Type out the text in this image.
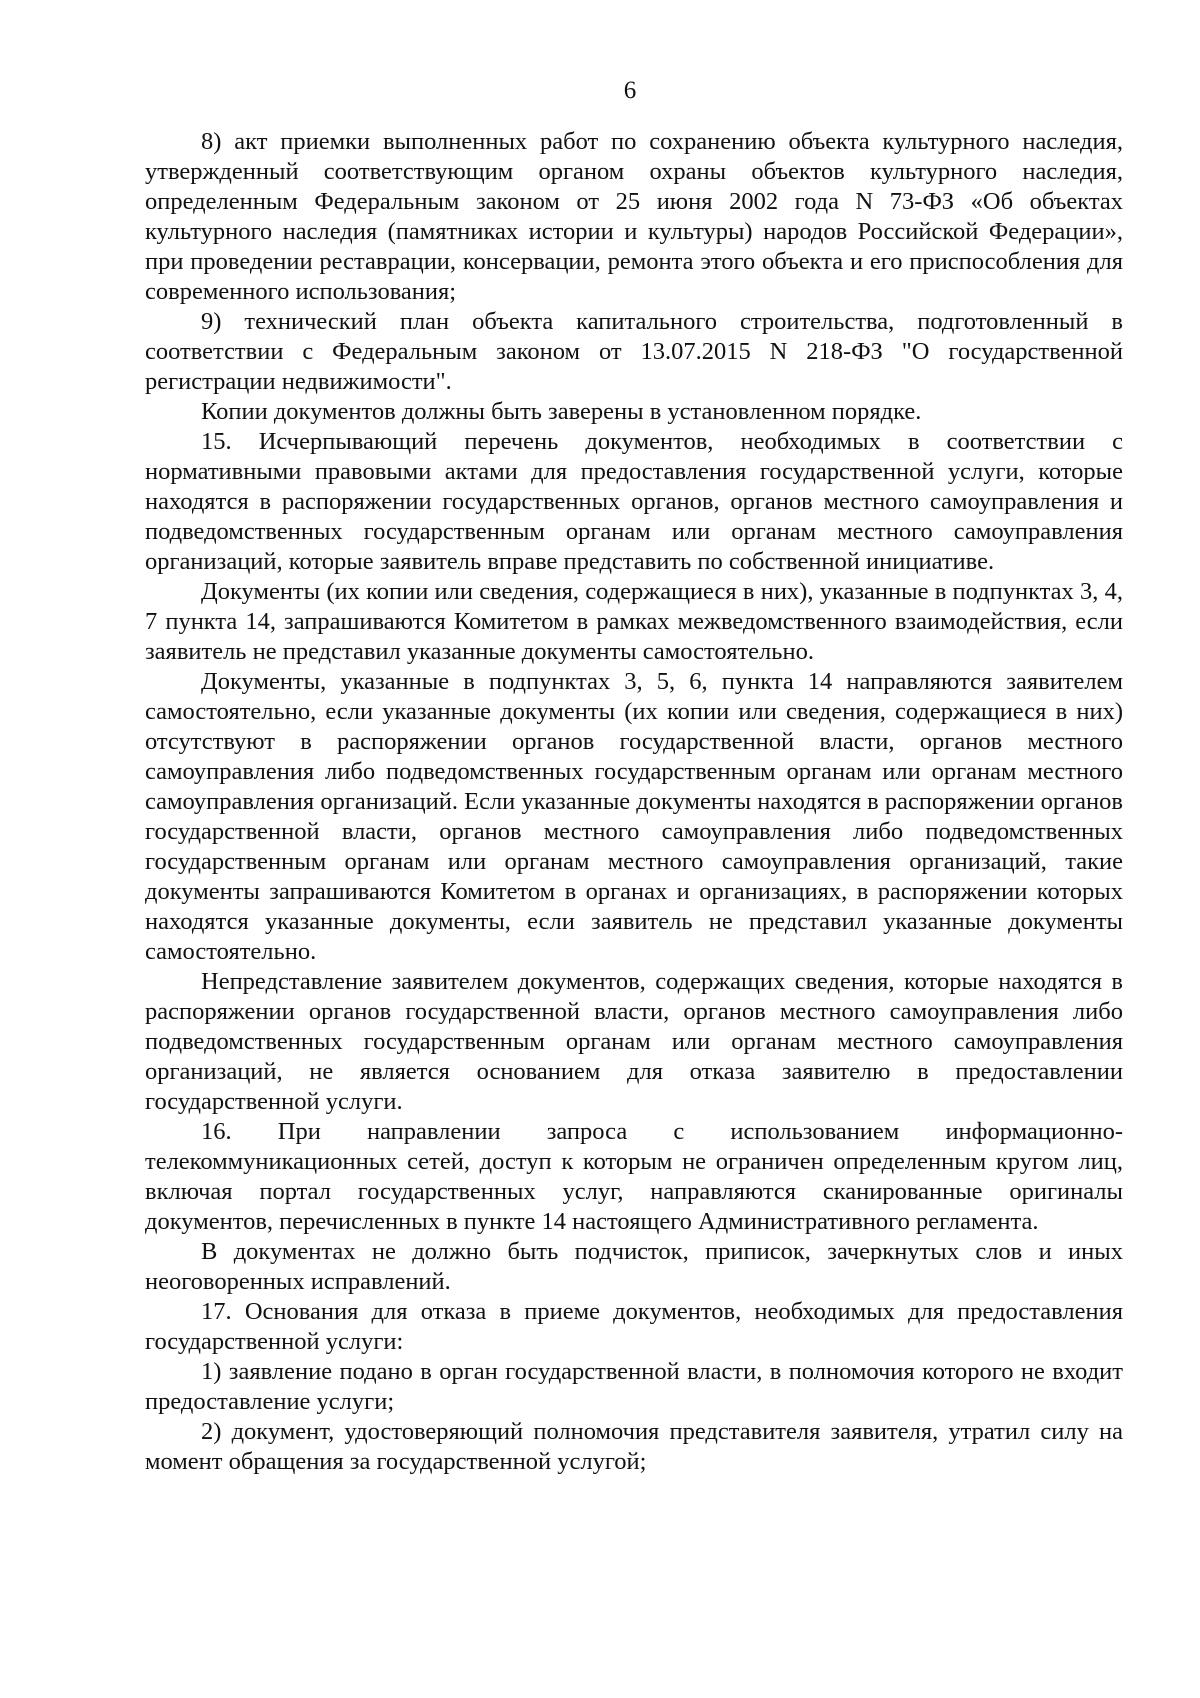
6

8) акт приемки выполненных работ по сохранению объекта культурного наследия, утвержденный соответствующим органом охраны объектов культурного наследия, определенным Федеральным законом от 25 июня 2002 года N 73-ФЗ «Об объектах культурного наследия (памятниках истории и культуры) народов Российской Федерации», при проведении реставрации, консервации, ремонта этого объекта и его приспособления для современного использования;

9) технический план объекта капитального строительства, подготовленный в соответствии с Федеральным законом от 13.07.2015 N 218-ФЗ "О государственной регистрации недвижимости".

Копии документов должны быть заверены в установленном порядке.

15. Исчерпывающий перечень документов, необходимых в соответствии с нормативными правовыми актами для предоставления государственной услуги, которые находятся в распоряжении государственных органов, органов местного самоуправления и подведомственных государственным органам или органам местного самоуправления организаций, которые заявитель вправе представить по собственной инициативе.

Документы (их копии или сведения, содержащиеся в них), указанные в подпунктах 3, 4, 7 пункта 14, запрашиваются Комитетом в рамках межведомственного взаимодействия, если заявитель не представил указанные документы самостоятельно.

Документы, указанные в подпунктах 3, 5, 6, пункта 14 направляются заявителем самостоятельно, если указанные документы (их копии или сведения, содержащиеся в них) отсутствуют в распоряжении органов государственной власти, органов местного самоуправления либо подведомственных государственным органам или органам местного самоуправления организаций. Если указанные документы находятся в распоряжении органов государственной власти, органов местного самоуправления либо подведомственных государственным органам или органам местного самоуправления организаций, такие документы запрашиваются Комитетом в органах и организациях, в распоряжении которых находятся указанные документы, если заявитель не представил указанные документы самостоятельно.

Непредставление заявителем документов, содержащих сведения, которые находятся в распоряжении органов государственной власти, органов местного самоуправления либо подведомственных государственным органам или органам местного самоуправления организаций, не является основанием для отказа заявителю в предоставлении государственной услуги.

16. При направлении запроса с использованием информационно-телекоммуникационных сетей, доступ к которым не ограничен определенным кругом лиц, включая портал государственных услуг, направляются сканированные оригиналы документов, перечисленных в пункте 14 настоящего Административного регламента.

В документах не должно быть подчисток, приписок, зачеркнутых слов и иных неоговоренных исправлений.

17. Основания для отказа в приеме документов, необходимых для предоставления государственной услуги:

1) заявление подано в орган государственной власти, в полномочия которого не входит предоставление услуги;

2) документ, удостоверяющий полномочия представителя заявителя, утратил силу на момент обращения за государственной услугой;
